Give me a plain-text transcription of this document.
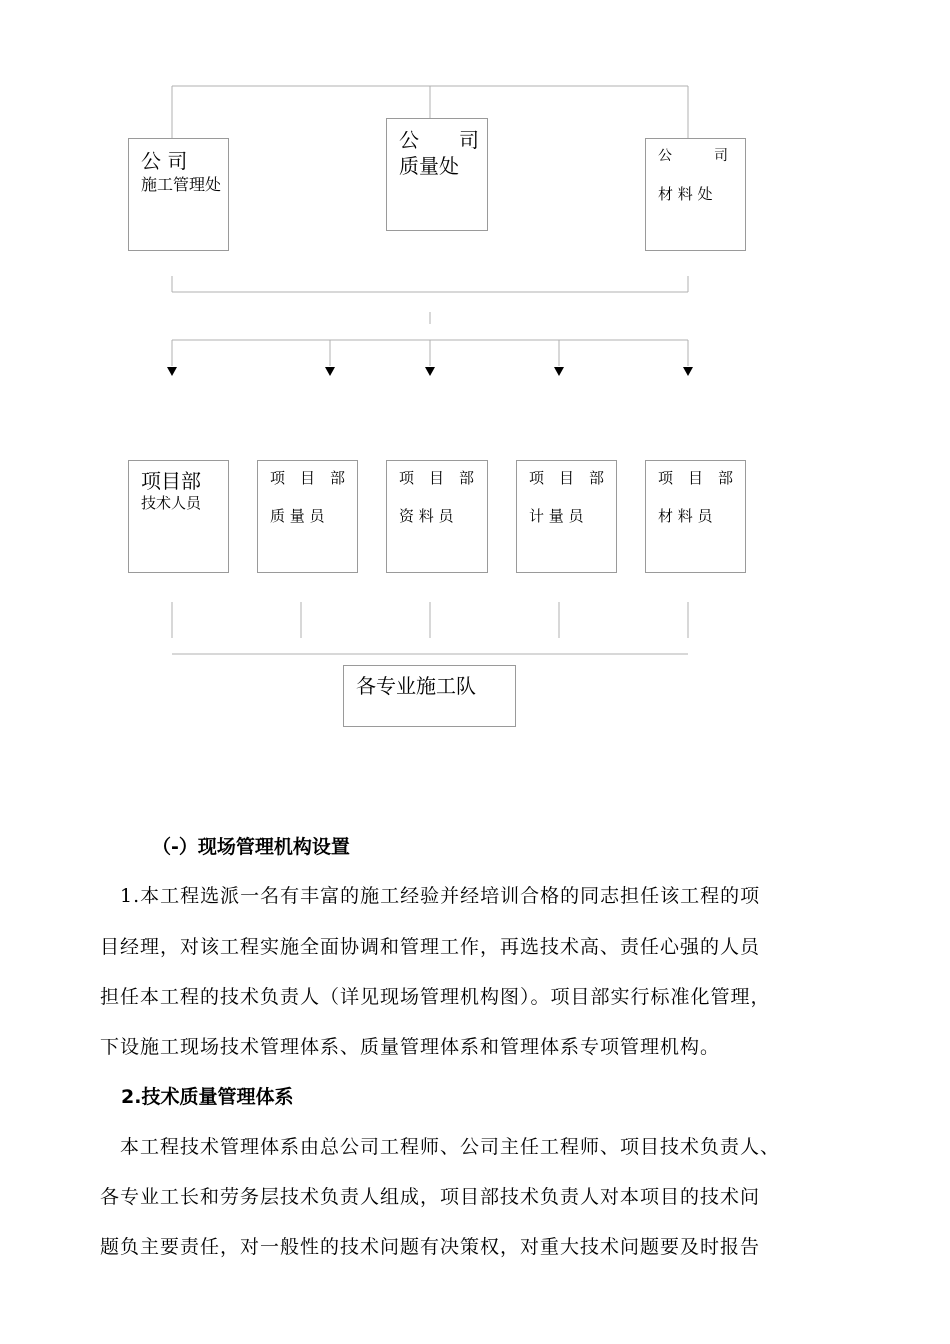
公 司
施工管理处
公　　司
质量处	公　　　司
材 料 处
项目部
技术人员
项　目　部
质 量 员
项　目　部
资 料 员
项　目　部
计 量 员
项　目　部
材 料 员
各专业施工队
（-）现场管理机构设置
1.本工程选派一名有丰富的施工经验并经培训合格的同志担任该工程的项
目经理，对该工程实施全面协调和管理工作，再选技术高、责任心强的人员
担任本工程的技术负责人（详见现场管理机构图）。项目部实行标准化管理，
下设施工现场技术管理体系、质量管理体系和管理体系专项管理机构。
2.技术质量管理体系
本工程技术管理体系由总公司工程师、公司主任工程师、项目技术负责人、
各专业工长和劳务层技术负责人组成，项目部技术负责人对本项目的技术问
题负主要责任，对一般性的技术问题有决策权，对重大技术问题要及时报告
